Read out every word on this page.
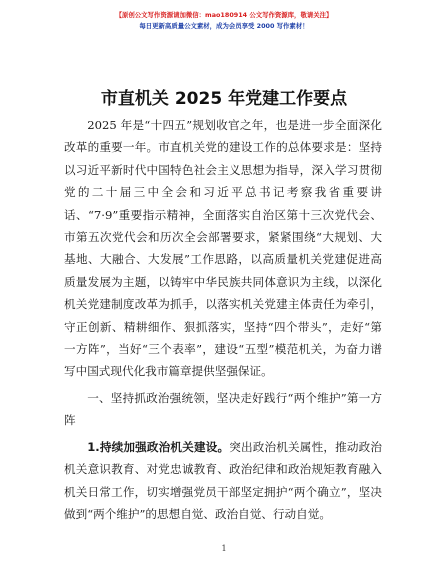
【原创公文写作资源请加微信：mao180914 公文写作资源库，敬请关注】
每日更新高质量公文素材，成为会员享受 2000 写作素材！
市直机关 2025 年党建工作要点

2025 年是“十四五”规划收官之年，也是进一步全面深化改革的重要一年。市直机关党的建设工作的总体要求是：坚持以习近平新时代中国特色社会主义思想为指导，深入学习贯彻党的二十届三中全会和习近平总书记考察我省重要讲话、“7·9”重要指示精神，全面落实自治区第十三次党代会、市第五次党代会和历次全会部署要求，紧紧围绕“大规划、大基地、大融合、大发展”工作思路，以高质量机关党建促进高质量发展为主题，以铸牢中华民族共同体意识为主线，以深化机关党建制度改革为抓手，以落实机关党建主体责任为牵引，守正创新、精耕细作、狠抓落实，坚持“四个带头”，走好“第一方阵”，当好“三个表率”，建设“五型”模范机关，为奋力谱写中国式现代化我市篇章提供坚强保证。

一、坚持抓政治强统领，坚决走好践行“两个维护”第一方阵

1.持续加强政治机关建设。突出政治机关属性，推动政治机关意识教育、对党忠诚教育、政治纪律和政治规矩教育融入机关日常工作，切实增强党员干部坚定拥护“两个确立”，坚决做到“两个维护”的思想自觉、政治自觉、行动自觉。

1
